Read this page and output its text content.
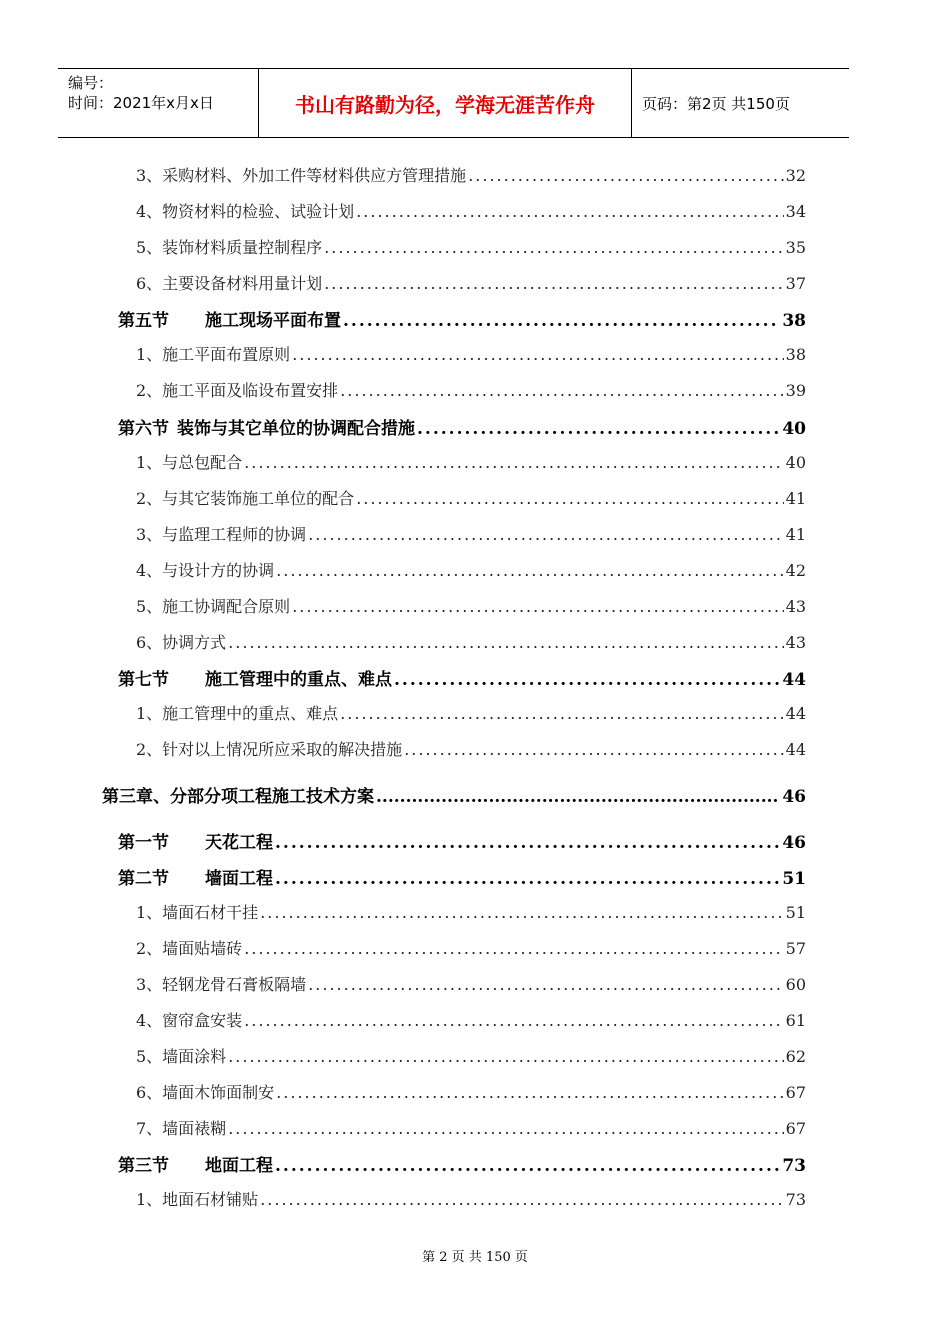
编号：
时间：2021年x月x日	书山有路勤为径，学海无涯苦作舟	页码：第2页 共150页
3、采购材料、外加工件等材料供应方管理措施 .....	32
4、物资材料的检验、试验计划 .....	34
5、装饰材料质量控制程序 .....	35
6、主要设备材料用量计划 .....	37
第五节 施工现场平面布置 .....	38
1、施工平面布置原则 .....	38
2、施工平面及临设布置安排 .....	39
第六节 装饰与其它单位的协调配合措施 .....	40
1、与总包配合 .....	40
2、与其它装饰施工单位的配合 .....	41
3、与监理工程师的协调 .....	41
4、与设计方的协调 .....	42
5、施工协调配合原则 .....	43
6、协调方式 .....	43
第七节 施工管理中的重点、难点 .....	44
1、施工管理中的重点、难点 .....	44
2、针对以上情况所应采取的解决措施 .....	44
第三章、分部分项工程施工技术方案 .....	46
第一节 天花工程 .....	46
第二节 墙面工程 .....	51
1、墙面石材干挂 .....	51
2、墙面贴墙砖 .....	57
3、轻钢龙骨石膏板隔墙 .....	60
4、窗帘盒安装 .....	61
5、墙面涂料 .....	62
6、墙面木饰面制安 .....	67
7、墙面裱糊 .....	67
第三节 地面工程 .....	73
1、地面石材铺贴 .....	73
第 2 页 共 150 页
